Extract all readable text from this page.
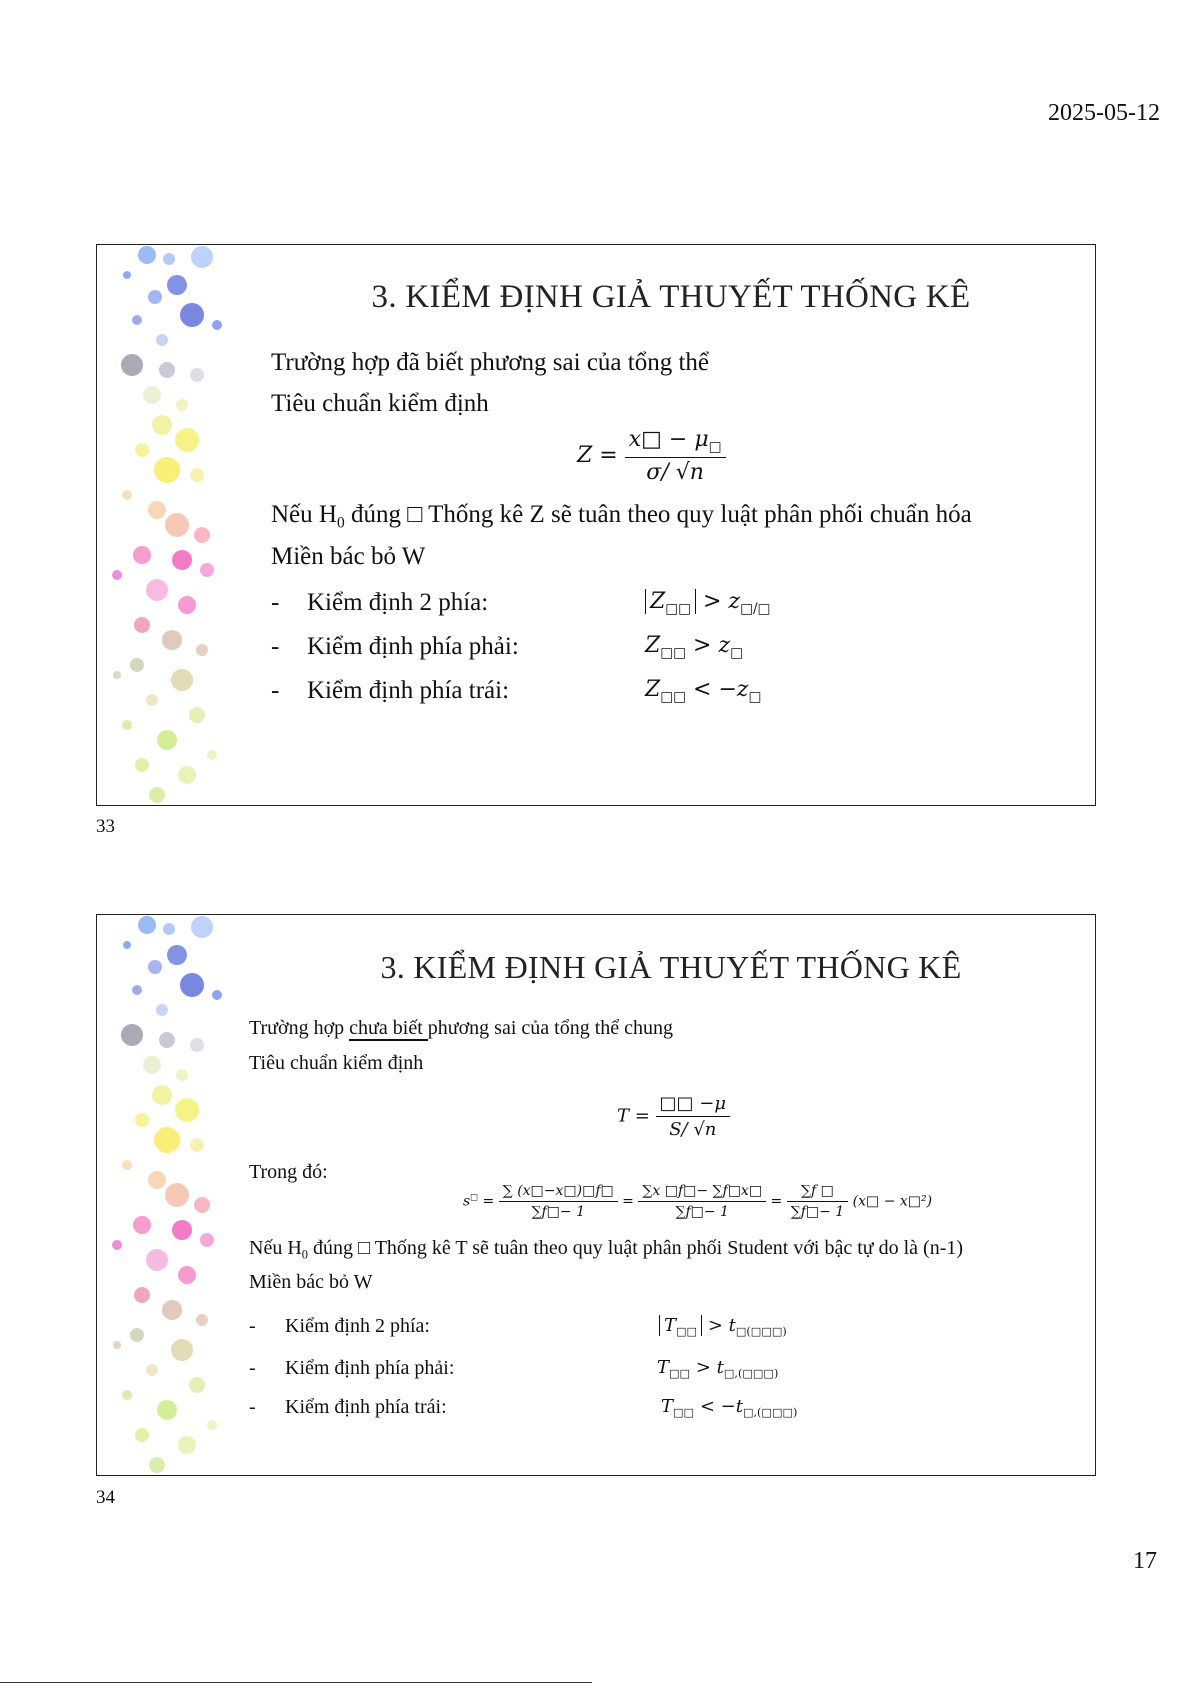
2025-05-12
3. KIỂM ĐỊNH GIẢ THUYẾT THỐNG KÊ
Trường hợp đã biết phương sai của tổng thể
Tiêu chuẩn kiểm định
$Z = \frac{x□ - \mu_□}{\sigma/ √n}$
Nếu $H_0$ đúng □ Thống kê Z sẽ tuân theo quy luật phân phối chuẩn hóa
Miền bác bỏ W
- Kiểm định 2 phía:	$Z_{□□} > z_{□/□}$
- Kiểm định phía phải:	$Z_{□□} > z_□$
- Kiểm định phía trái:	$Z_{□□} < -z_□$
33
3. KIỂM ĐỊNH GIẢ THUYẾT THỐNG KÊ
Trường hợp chưa biết phương sai của tổng thể chung
Tiêu chuẩn kiểm định
$T = \frac{□□ -\mu}{S/ √n}$
Trong đó:
$s^□ = \frac{\sum (x□-x□)□f□}{\sum f□- 1} = \frac{\sum x □f□- \sum f□x□}{\sum f□- 1} = \frac{\sum f □}{\sum f□- 1}$ (x□ − x□²)
Nếu $H_0$ đúng □ Thống kê T sẽ tuân theo quy luật phân phối Student với bậc tự do là (n-1)
Miền bác bỏ W
- Kiểm định 2 phía:	$T_{□□} > t_{□(□□□)}$
- Kiểm định phía phải:	$T_{□□} > t_{□,(□□□)}$
- Kiểm định phía trái:	$T_{□□} < -t_{□,(□□□)}$
34
17
